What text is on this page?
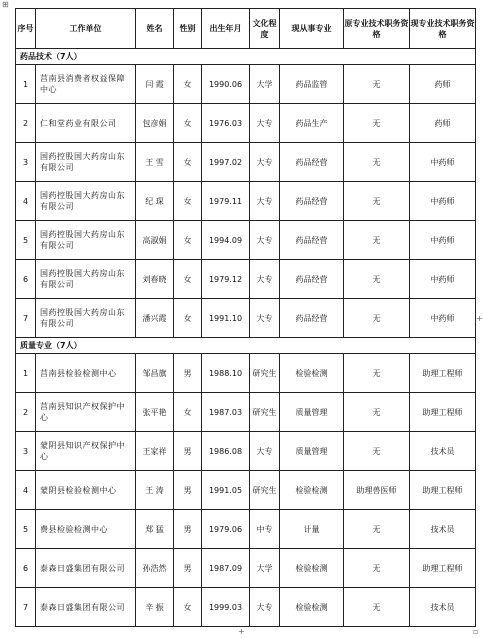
⊞
+	▫
+
序号	工作单位	姓名	性别	出生年月	文化程度	现从事专业	原专业技术职务资格	现专业技术职务资格
药品技术（7人）								
1	莒南县消费者权益保障中心	闫 霞	女	1990.06	大学	药品监管	无	药师
2	仁和堂药业有限公司	包彦娟	女	1976.03	大专	药品生产	无	药师
3	国药控股国大药房山东有限公司	王 雪	女	1997.02	大专	药品经营	无	中药师
4	国药控股国大药房山东有限公司	纪 琛	女	1979.11	大专	药品经营	无	中药师
5	国药控股国大药房山东有限公司	高淑娟	女	1994.09	大专	药品经营	无	中药师
6	国药控股国大药房山东有限公司	刘春晓	女	1979.12	大专	药品经营	无	中药师
7	国药控股国大药房山东有限公司	潘兴霞	女	1991.10	大专	药品经营	无	中药师
质量专业（7人）								
1	莒南县检验检测中心	邹昌旗	男	1988.10	研究生	检验检测	无	助理工程师
2	莒南县知识产权保护中心	张平艳	女	1987.03	研究生	质量管理	无	助理工程师
3	蒙阴县知识产权保护中心	王家祥	男	1986.08	大专	质量管理	无	技术员
4	蒙阴县检验检测中心	王 涛	男	1991.05	研究生	检验检测	助理兽医师	助理工程师
5	费县检验检测中心	郑 猛	男	1979.06	中专	计量	无	技术员
6	泰森日盛集团有限公司	孙浩然	男	1987.09	大学	检验检测	无	助理工程师
7	泰森日盛集团有限公司	辛 振	女	1999.03	大专	检验检测	无	技术员
